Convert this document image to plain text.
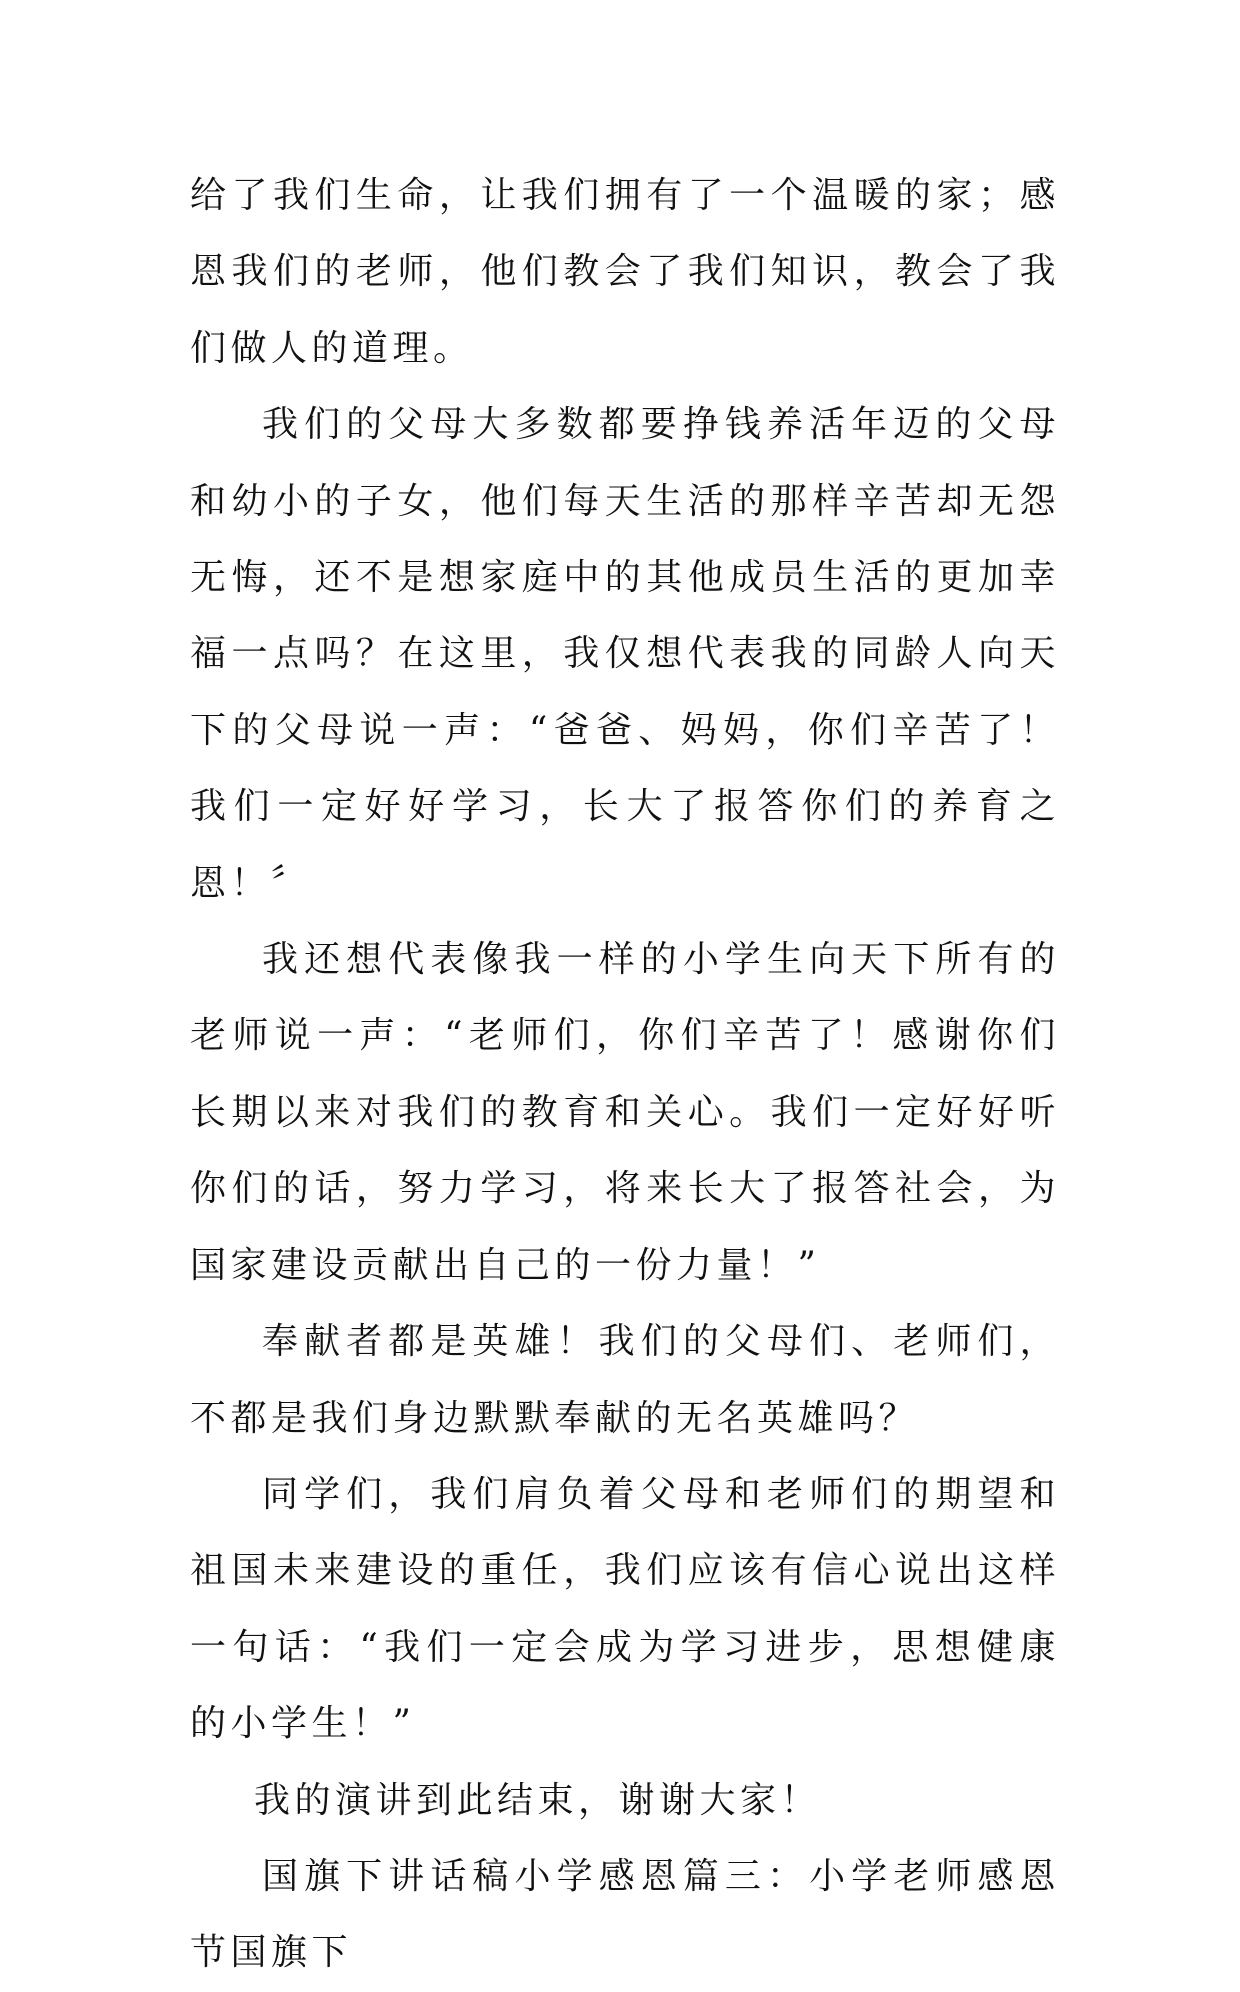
给了我们生命，让我们拥有了一个温暖的家；感恩我们的老师，他们教会了我们知识，教会了我们做人的道理。

我们的父母大多数都要挣钱养活年迈的父母和幼小的子女，他们每天生活的那样辛苦却无怨无悔，还不是想家庭中的其他成员生活的更加幸福一点吗？在这里，我仅想代表我的同龄人向天下的父母说一声：“爸爸、妈妈，你们辛苦了！我们一定好好学习，长大了报答你们的养育之恩！〞

我还想代表像我一样的小学生向天下所有的老师说一声：“老师们，你们辛苦了！感谢你们长期以来对我们的教育和关心。我们一定好好听你们的话，努力学习，将来长大了报答社会，为国家建设贡献出自己的一份力量！”

奉献者都是英雄！我们的父母们、老师们，不都是我们身边默默奉献的无名英雄吗？

同学们，我们肩负着父母和老师们的期望和祖国未来建设的重任，我们应该有信心说出这样一句话：“我们一定会成为学习进步，思想健康的小学生！”

我的演讲到此结束，谢谢大家！

国旗下讲话稿小学感恩篇三：小学老师感恩节国旗下
